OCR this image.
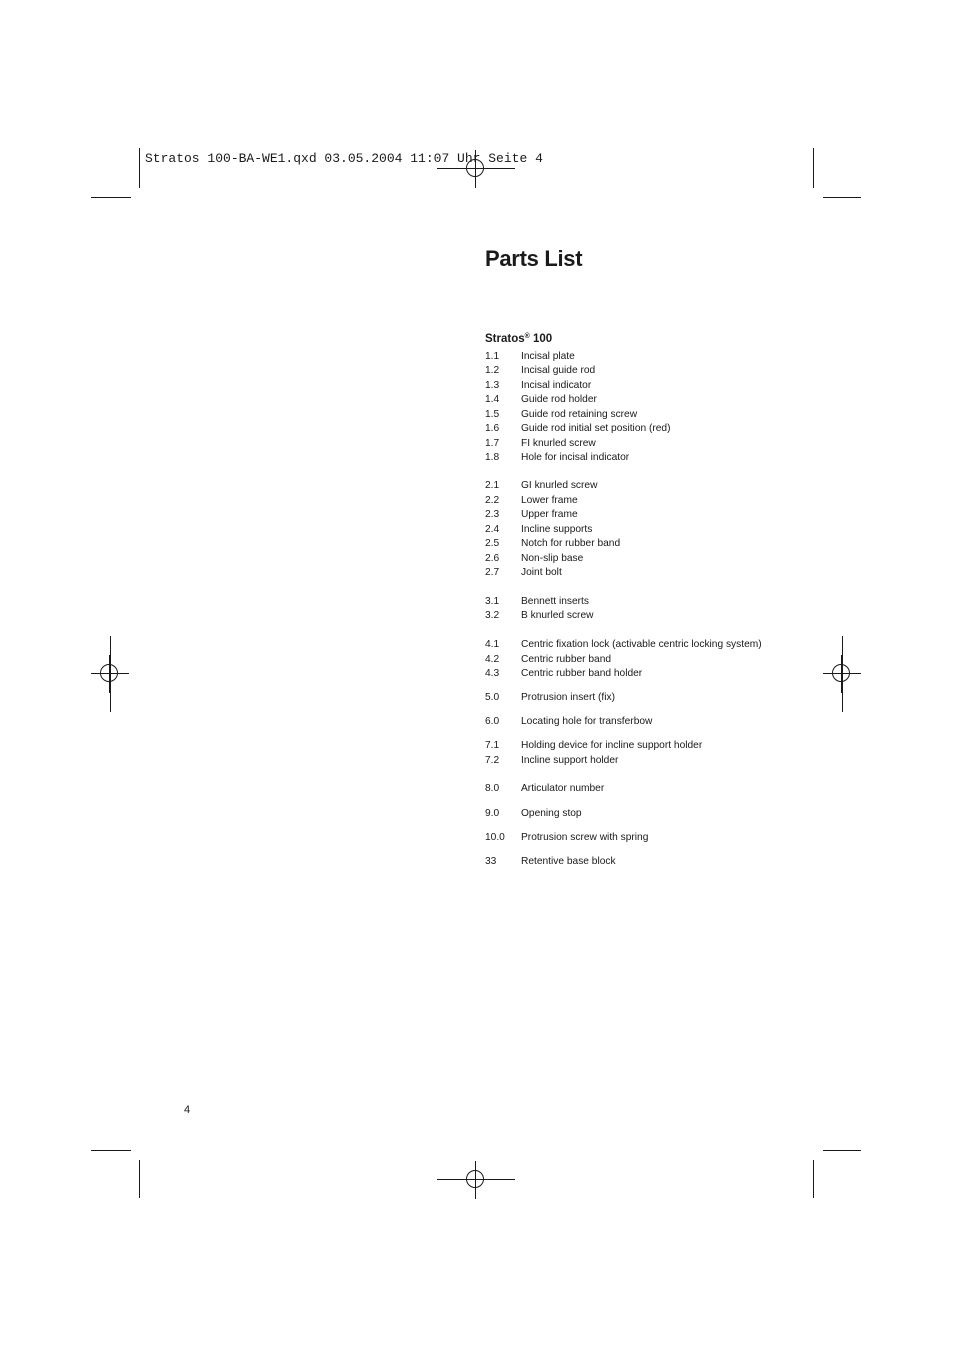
Stratos 100-BA-WE1.qxd 03.05.2004 11:07 Uhr Seite 4
Parts List
Stratos® 100
1.1 Incisal plate
1.2 Incisal guide rod
1.3 Incisal indicator
1.4 Guide rod holder
1.5 Guide rod retaining screw
1.6 Guide rod initial set position (red)
1.7 FI knurled screw
1.8 Hole for incisal indicator
2.1 GI knurled screw
2.2 Lower frame
2.3 Upper frame
2.4 Incline supports
2.5 Notch for rubber band
2.6 Non-slip base
2.7 Joint bolt
3.1 Bennett inserts
3.2 B knurled screw
4.1 Centric fixation lock (activable centric locking system)
4.2 Centric rubber band
4.3 Centric rubber band holder
5.0 Protrusion insert (fix)
6.0 Locating hole for transferbow
7.1 Holding device for incline support holder
7.2 Incline support holder
8.0 Articulator number
9.0 Opening stop
10.0 Protrusion screw with spring
33 Retentive base block
4
